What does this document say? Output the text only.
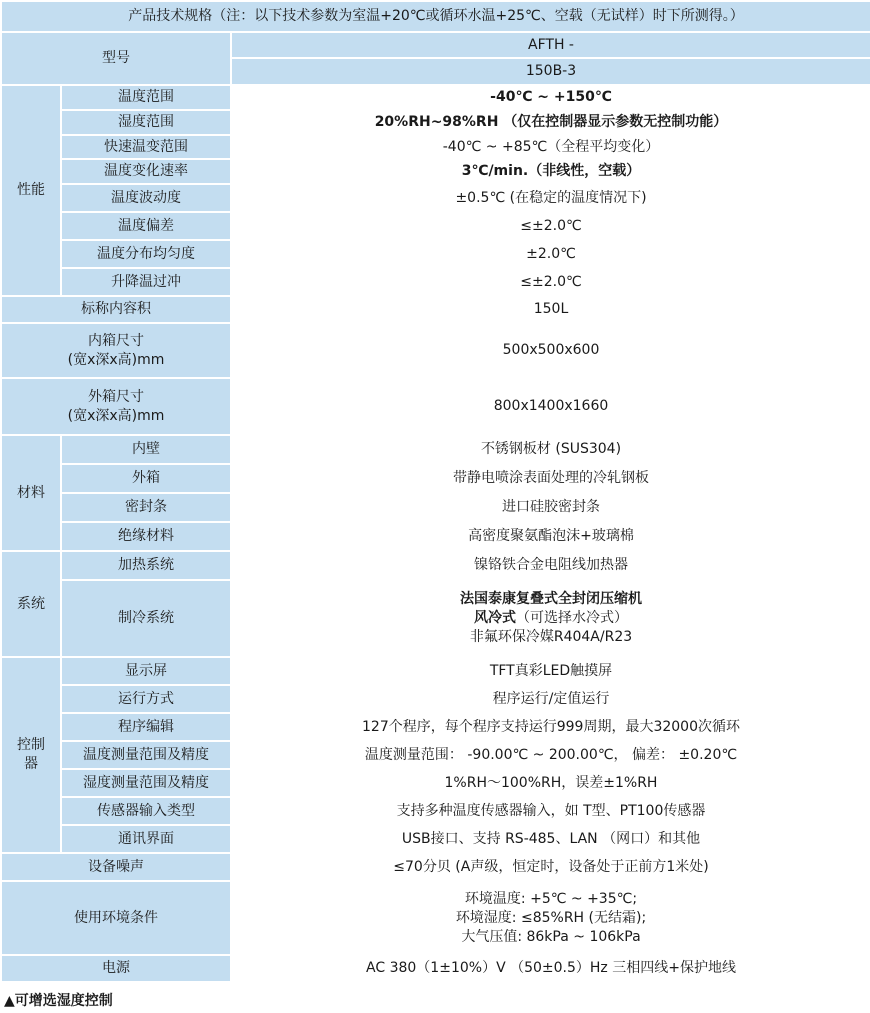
产品技术规格（注：以下技术参数为室温+20℃或循环水温+25℃、空载（无试样）时下所测得。）		
型号		AFTH -
		150B-3
性能	温度范围	-40℃ ~ +150℃
	湿度范围	20%RH~98%RH （仅在控制器显示参数无控制功能）
	快速温变范围	-40℃ ~ +85℃（全程平均变化）
	温度变化速率	3℃/min.（非线性，空载）
	温度波动度	±0.5℃ (在稳定的温度情况下)
	温度偏差	≤±2.0℃
	温度分布均匀度	±2.0℃
	升降温过冲	≤±2.0℃
标称内容积		150L

内箱尺寸
(宽x深x高)mm		500x500x600

外箱尺寸
(宽x深x高)mm		800x1400x1660
材料	内壁	不锈钢板材 (SUS304)
	外箱	带静电喷涂表面处理的冷轧钢板
	密封条	进口硅胶密封条
	绝缘材料	高密度聚氨酯泡沫+玻璃棉
系统	加热系统	镍铬铁合金电阻线加热器
	制冷系统	法国泰康复叠式全封闭压缩机
风冷式（可选择水冷式）
非氟环保冷媒R404A/R23

控制
器	显示屏	TFT真彩LED触摸屏
	运行方式	程序运行/定值运行
	程序编辑	127个程序，每个程序支持运行999周期，最大32000次循环
	温度测量范围及精度	温度测量范围： -90.00℃ ~ 200.00℃， 偏差： ±0.20℃
	湿度测量范围及精度	1%RH～100%RH，误差±1%RH
	传感器输入类型	支持多种温度传感器输入，如 T型、PT100传感器
	通讯界面	USB接口、支持 RS-485、LAN （网口）和其他
设备噪声		≤70分贝 (A声级，恒定时，设备处于正前方1米处)
使用环境条件		环境温度: +5℃ ~ +35℃;
环境湿度: ≤85%RH (无结霜);
大气压值: 86kPa ~ 106kPa

电源		AC 380（1±10%）V （50±0.5）Hz 三相四线+保护地线
▲可增选湿度控制
